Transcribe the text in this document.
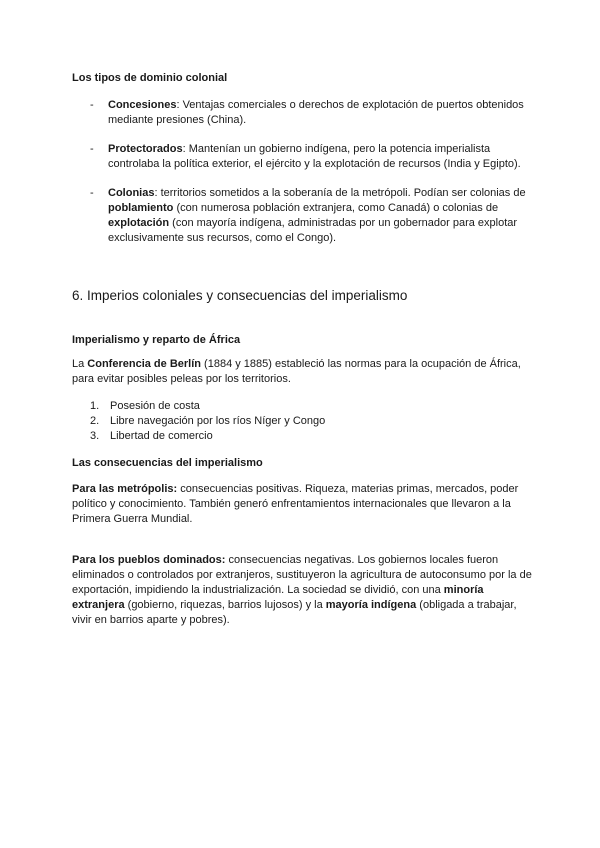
Los tipos de dominio colonial
- Concesiones: Ventajas comerciales o derechos de explotación de puertos obtenidos mediante presiones (China).
- Protectorados: Mantenían un gobierno indígena, pero la potencia imperialista controlaba la política exterior, el ejército y la explotación de recursos (India y Egipto).
- Colonias: territorios sometidos a la soberanía de la metrópoli. Podían ser colonias de poblamiento (con numerosa población extranjera, como Canadá) o colonias de explotación (con mayoría indígena, administradas por un gobernador para explotar exclusivamente sus recursos, como el Congo).
6. Imperios coloniales y consecuencias del imperialismo
Imperialismo y reparto de África
La Conferencia de Berlín (1884 y 1885) estableció las normas para la ocupación de África, para evitar posibles peleas por los territorios.
1. Posesión de costa
2. Libre navegación por los ríos Níger y Congo
3. Libertad de comercio
Las consecuencias del imperialismo
Para las metrópolis: consecuencias positivas. Riqueza, materias primas, mercados, poder político y conocimiento. También generó enfrentamientos internacionales que llevaron a la Primera Guerra Mundial.
Para los pueblos dominados: consecuencias negativas. Los gobiernos locales fueron eliminados o controlados por extranjeros, sustituyeron la agricultura de autoconsumo por la de exportación, impidiendo la industrialización. La sociedad se dividió, con una minoría extranjera (gobierno, riquezas, barrios lujosos) y la mayoría indígena (obligada a trabajar, vivir en barrios aparte y pobres).
